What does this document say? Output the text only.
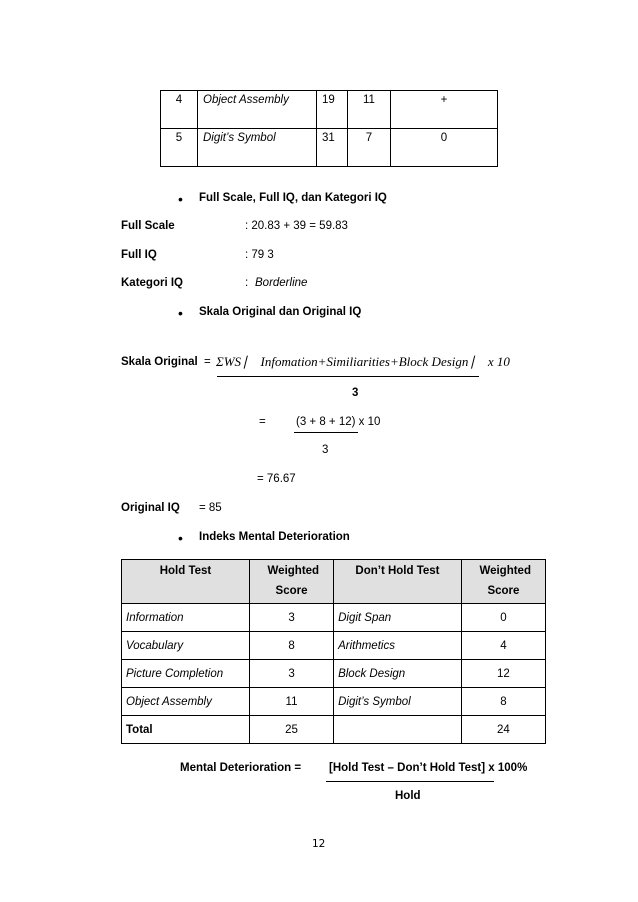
4	Object Assembly	19	11	+
5	Digit’s Symbol	31	7	0
• Full Scale, Full IQ, dan Kategori IQ
Full Scale	: 20.83 + 39 = 59.83
Full IQ	: 79 3
Kategori IQ	: Borderline
• Skala Original dan Original IQ
Skala Original = ΣWS ⎸ Infomation+Similiarities+Block Design ⎸ x 10
3
=	(3 + 8 + 12) x 10
3
= 76.67
Original IQ = 85
• Indeks Mental Deterioration
Hold Test	Weighted Score	Don’t Hold Test	Weighted Score
Information	3	Digit Span	0
Vocabulary	8	Arithmetics	4
Picture Completion	3	Block Design	12
Object Assembly	11	Digit’s Symbol	8
Total	25		24
Mental Deterioration = [Hold Test – Don’t Hold Test] x 100%
Hold
12
